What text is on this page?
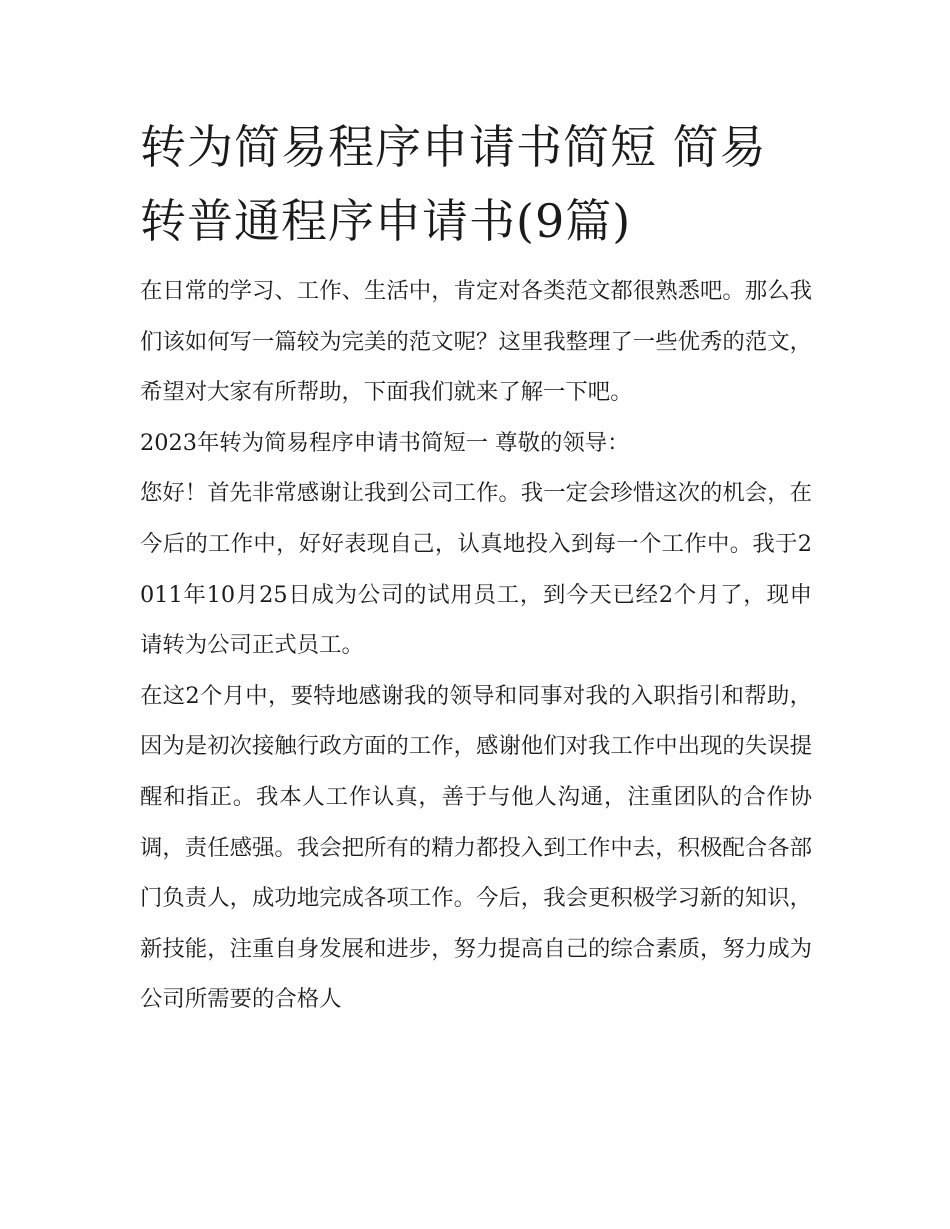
转为简易程序申请书简短 简易转普通程序申请书(9篇)

在日常的学习、工作、生活中，肯定对各类范文都很熟悉吧。那么我们该如何写一篇较为完美的范文呢？这里我整理了一些优秀的范文，希望对大家有所帮助，下面我们就来了解一下吧。

2023年转为简易程序申请书简短一 尊敬的领导：

您好！首先非常感谢让我到公司工作。我一定会珍惜这次的机会，在今后的工作中，好好表现自己，认真地投入到每一个工作中。我于2011年10月25日成为公司的试用员工，到今天已经2个月了，现申请转为公司正式员工。

在这2个月中，要特地感谢我的领导和同事对我的入职指引和帮助，因为是初次接触行政方面的工作，感谢他们对我工作中出现的失误提醒和指正。我本人工作认真，善于与他人沟通，注重团队的合作协调，责任感强。我会把所有的精力都投入到工作中去，积极配合各部门负责人，成功地完成各项工作。今后，我会更积极学习新的知识，新技能，注重自身发展和进步，努力提高自己的综合素质，努力成为公司所需要的合格人
